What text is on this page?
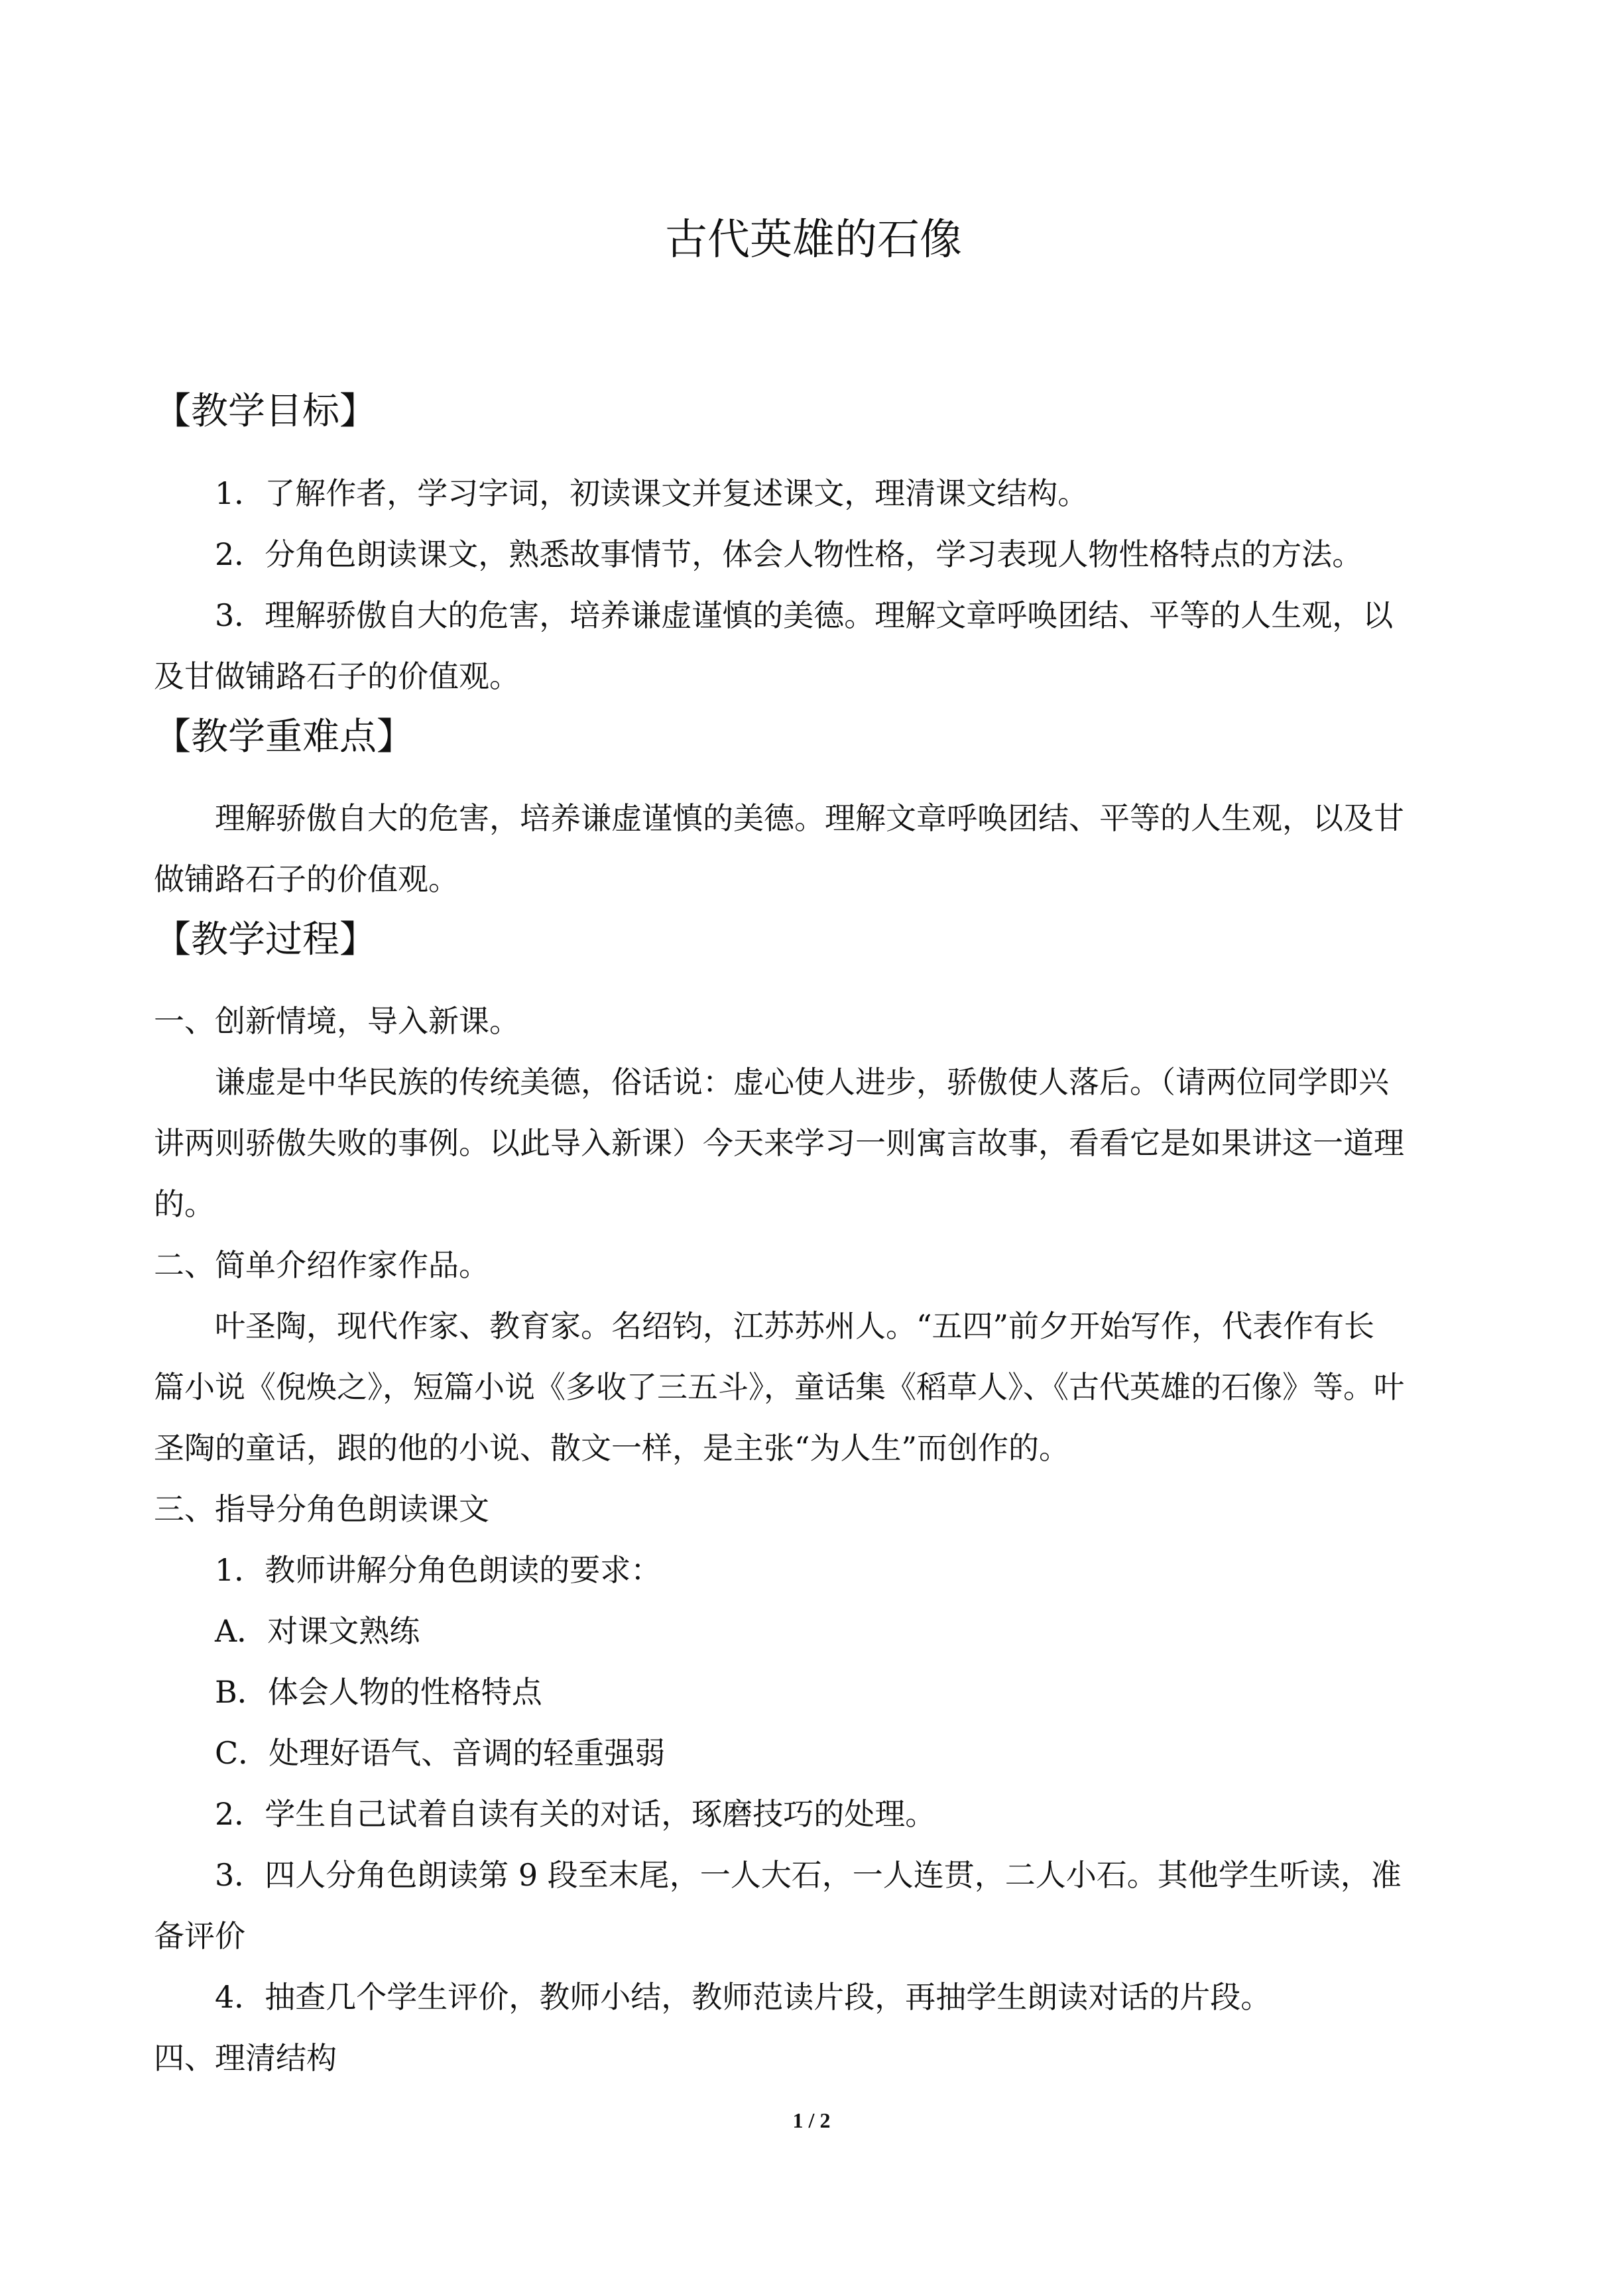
古代英雄的石像
【教学目标】
1．了解作者，学习字词，初读课文并复述课文，理清课文结构。
2．分角色朗读课文，熟悉故事情节，体会人物性格，学习表现人物性格特点的方法。
3．理解骄傲自大的危害，培养谦虚谨慎的美德。理解文章呼唤团结、平等的人生观，以
及甘做铺路石子的价值观。
【教学重难点】
理解骄傲自大的危害，培养谦虚谨慎的美德。理解文章呼唤团结、平等的人生观，以及甘
做铺路石子的价值观。
【教学过程】
一、创新情境，导入新课。
谦虚是中华民族的传统美德，俗话说：虚心使人进步，骄傲使人落后。（请两位同学即兴
讲两则骄傲失败的事例。以此导入新课）今天来学习一则寓言故事，看看它是如果讲这一道理
的。
二、简单介绍作家作品。
叶圣陶，现代作家、教育家。名绍钧，江苏苏州人。“五四”前夕开始写作，代表作有长
篇小说《倪焕之》，短篇小说《多收了三五斗》，童话集《稻草人》、《古代英雄的石像》等。叶
圣陶的童话，跟的他的小说、散文一样，是主张“为人生”而创作的。
三、指导分角色朗读课文
1．教师讲解分角色朗读的要求：
A．对课文熟练
B．体会人物的性格特点
C．处理好语气、音调的轻重强弱
2．学生自己试着自读有关的对话，琢磨技巧的处理。
3．四人分角色朗读第 9 段至末尾，一人大石，一人连贯，二人小石。其他学生听读，准
备评价
4．抽查几个学生评价，教师小结，教师范读片段，再抽学生朗读对话的片段。
四、理清结构
1 / 2
